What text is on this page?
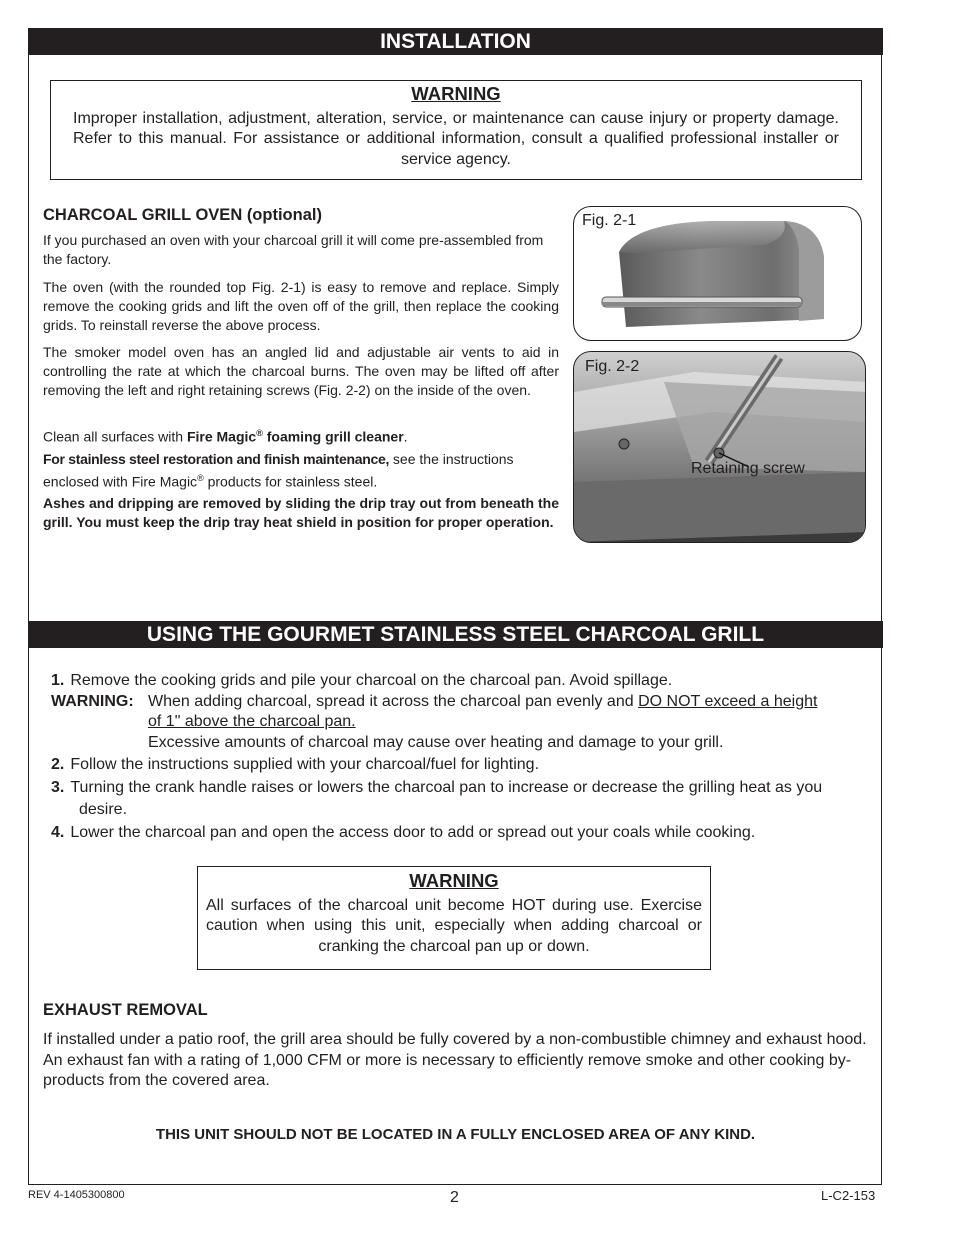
INSTALLATION
WARNING
Improper installation, adjustment, alteration, service, or maintenance can cause injury or property damage. Refer to this manual. For assistance or additional information, consult a qualified professional installer or service agency.
CHARCOAL GRILL OVEN (optional)

If you purchased an oven with your charcoal grill it will come pre-assembled from the factory.

The oven (with the rounded top Fig. 2-1) is easy to remove and replace. Simply remove the cooking grids and lift the oven off of the grill, then replace the cooking grids. To reinstall reverse the above process.

The smoker model oven has an angled lid and adjustable air vents to aid in controlling the rate at which the charcoal burns. The oven may be lifted off after removing the left and right retaining screws (Fig. 2-2) on the inside of the oven.

Clean all surfaces with Fire Magic® foaming grill cleaner.

For stainless steel restoration and finish maintenance, see the instructions enclosed with Fire Magic® products for stainless steel.

Ashes and dripping are removed by sliding the drip tray out from beneath the grill. You must keep the drip tray heat shield in position for proper operation.

Fig. 2-1
Fig. 2-2
Retaining screw
USING THE GOURMET STAINLESS STEEL CHARCOAL GRILL
1. Remove the cooking grids and pile your charcoal on the charcoal pan. Avoid spillage.
WARNING: When adding charcoal, spread it across the charcoal pan evenly and DO NOT exceed a height
of 1" above the charcoal pan.
Excessive amounts of charcoal may cause over heating and damage to your grill.
2. Follow the instructions supplied with your charcoal/fuel for lighting.
3. Turning the crank handle raises or lowers the charcoal pan to increase or decrease the grilling heat as you
desire.
4. Lower the charcoal pan and open the access door to add or spread out your coals while cooking.
WARNING
All surfaces of the charcoal unit become HOT during use. Exercise caution when using this unit, especially when adding charcoal or cranking the charcoal pan up or down.
EXHAUST REMOVAL

If installed under a patio roof, the grill area should be fully covered by a non-combustible chimney and exhaust hood. An exhaust fan with a rating of 1,000 CFM or more is necessary to efficiently remove smoke and other cooking by-products from the covered area.

THIS UNIT SHOULD NOT BE LOCATED IN A FULLY ENCLOSED AREA OF ANY KIND.
REV 4-1405300800	2	L-C2-153
